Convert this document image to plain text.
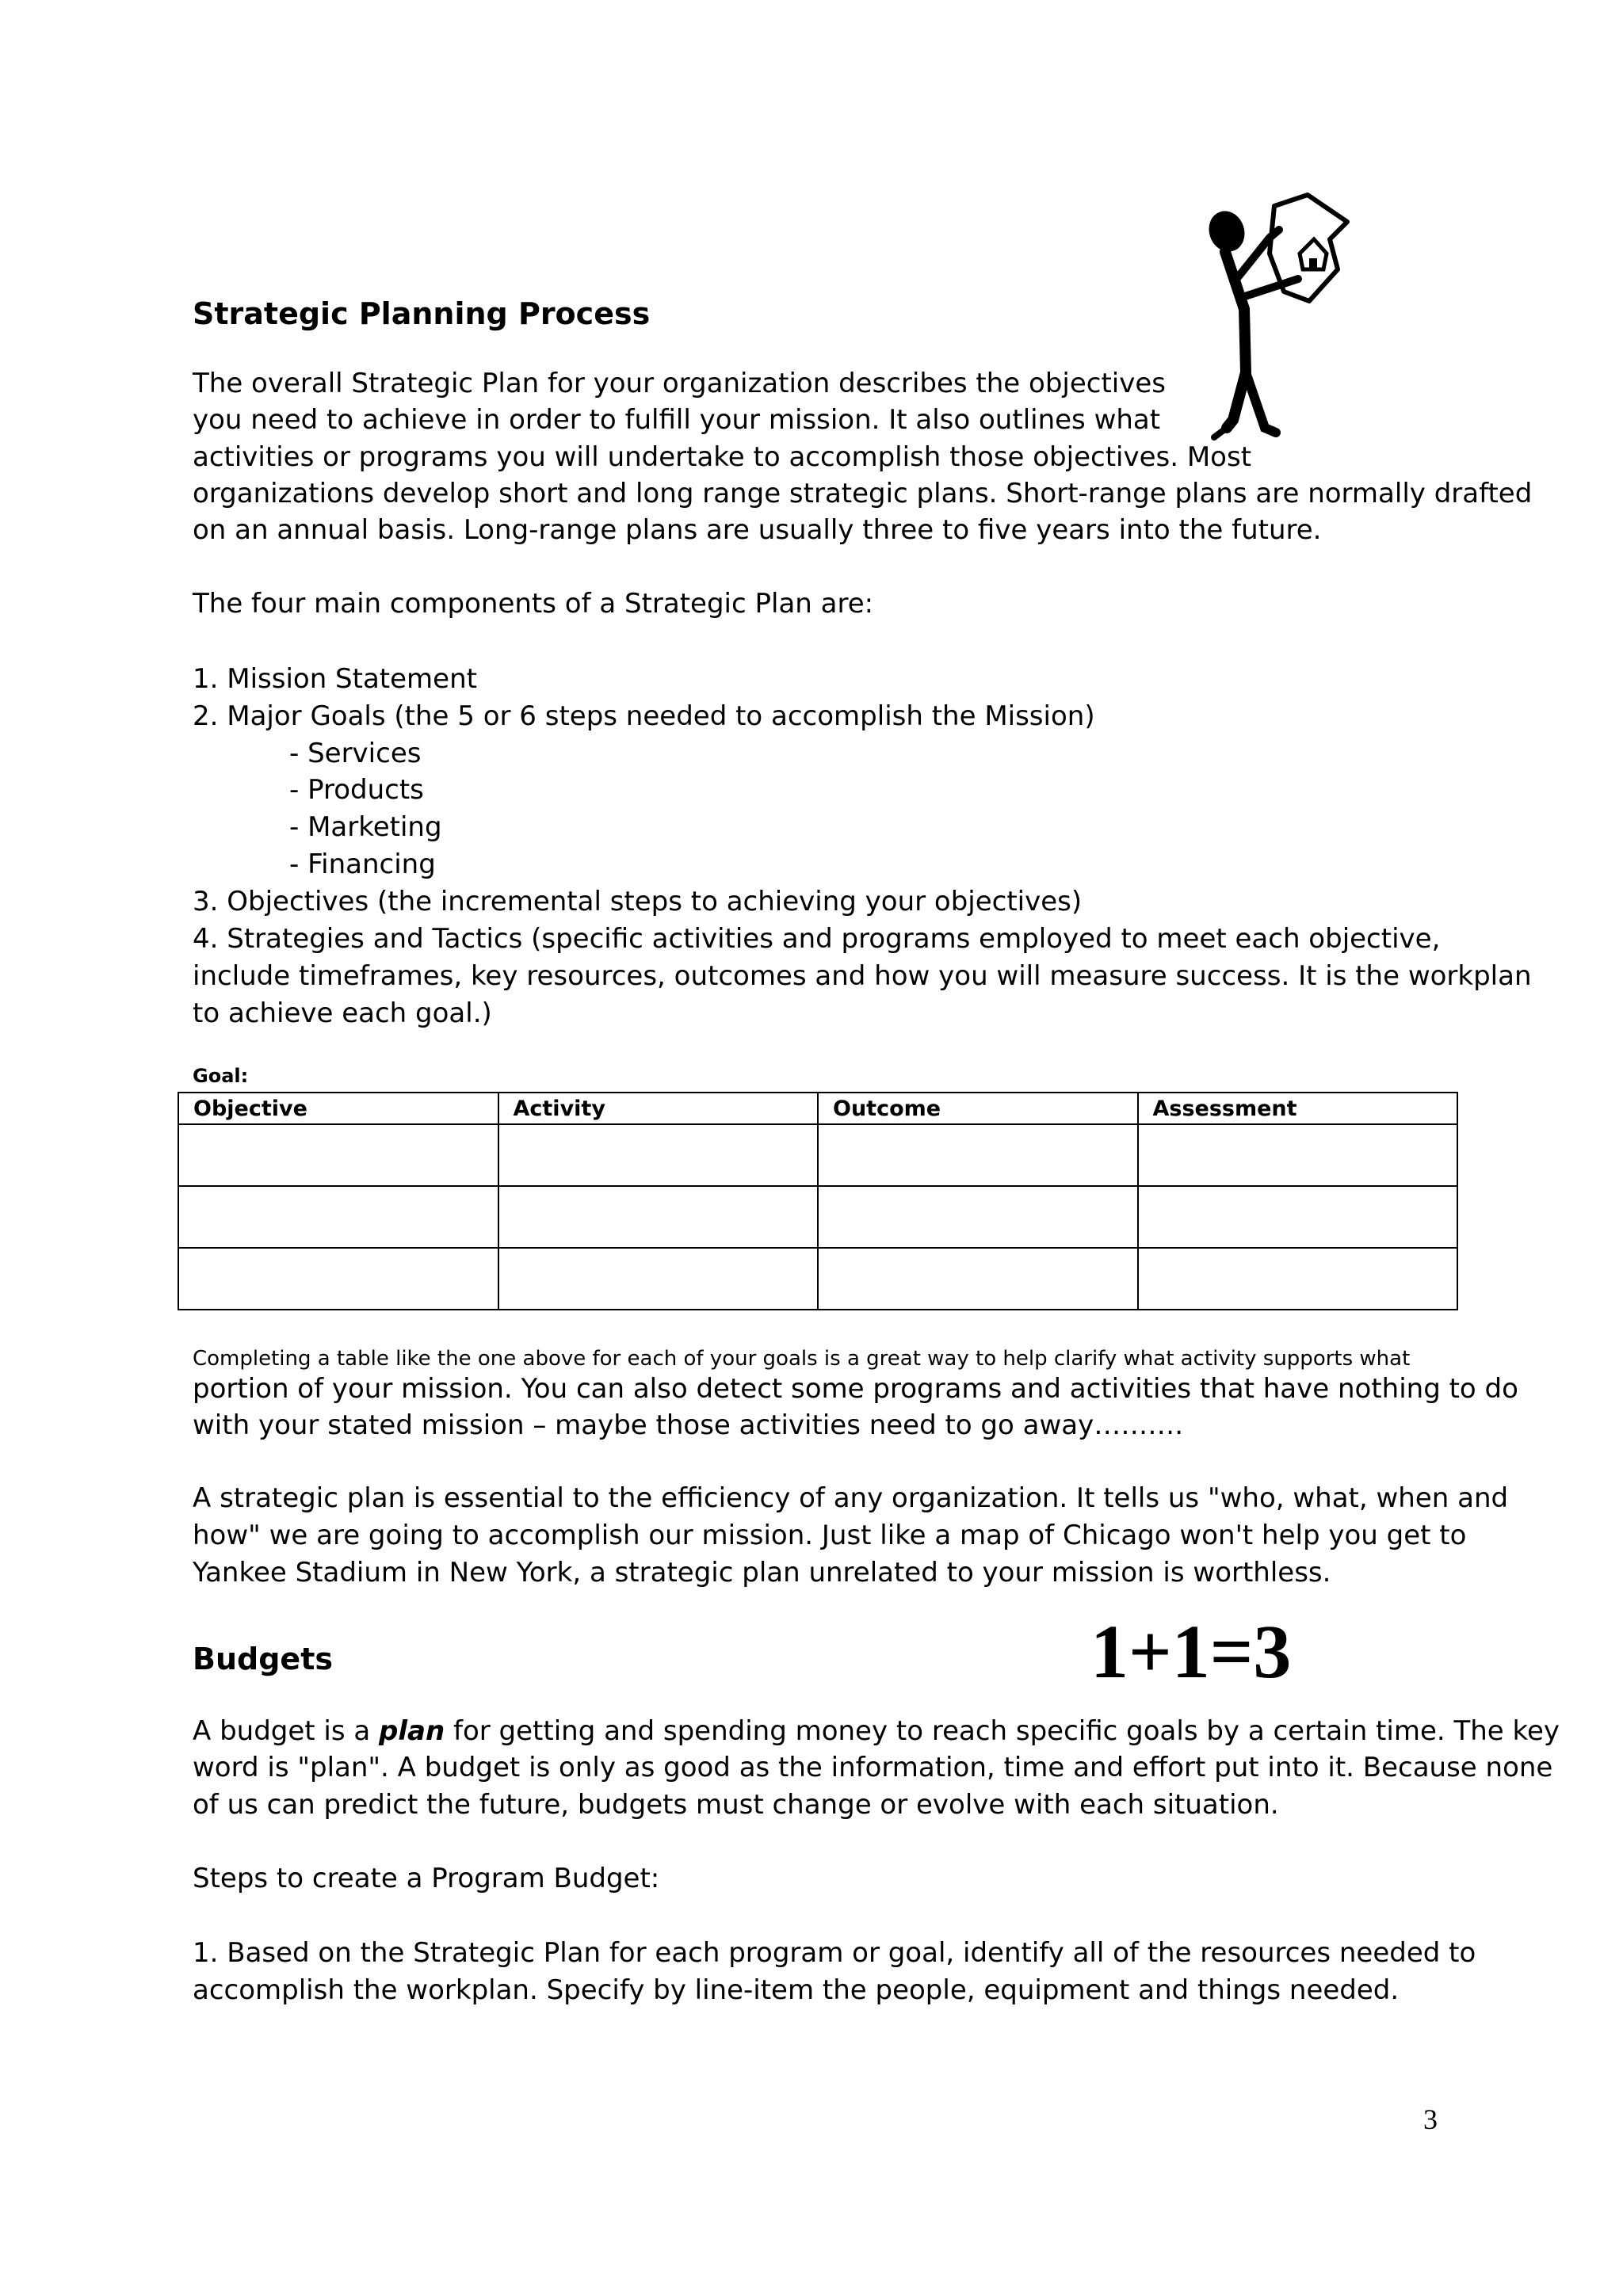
Strategic Planning Process
The overall Strategic Plan for your organization describes the objectives
you need to achieve in order to fulfill your mission. It also outlines what
activities or programs you will undertake to accomplish those objectives. Most
organizations develop short and long range strategic plans. Short-range plans are normally drafted
on an annual basis. Long-range plans are usually three to five years into the future.
The four main components of a Strategic Plan are:
1. Mission Statement
2. Major Goals (the 5 or 6 steps needed to accomplish the Mission)
- Services
- Products
- Marketing
- Financing
3. Objectives (the incremental steps to achieving your objectives)
4. Strategies and Tactics (specific activities and programs employed to meet each objective,
include timeframes, key resources, outcomes and how you will measure success. It is the workplan
to achieve each goal.)
Goal:
Objective	Activity	Outcome	Assessment

Completing a table like the one above for each of your goals is a great way to help clarify what activity supports what
portion of your mission. You can also detect some programs and activities that have nothing to do
with your stated mission – maybe those activities need to go away……….
A strategic plan is essential to the efficiency of any organization. It tells us "who, what, when and
how" we are going to accomplish our mission. Just like a map of Chicago won't help you get to
Yankee Stadium in New York, a strategic plan unrelated to your mission is worthless.
Budgets	1+1=3
A budget is a plan for getting and spending money to reach specific goals by a certain time. The key
word is "plan". A budget is only as good as the information, time and effort put into it. Because none
of us can predict the future, budgets must change or evolve with each situation.
Steps to create a Program Budget:
1. Based on the Strategic Plan for each program or goal, identify all of the resources needed to
accomplish the workplan. Specify by line-item the people, equipment and things needed.
3
